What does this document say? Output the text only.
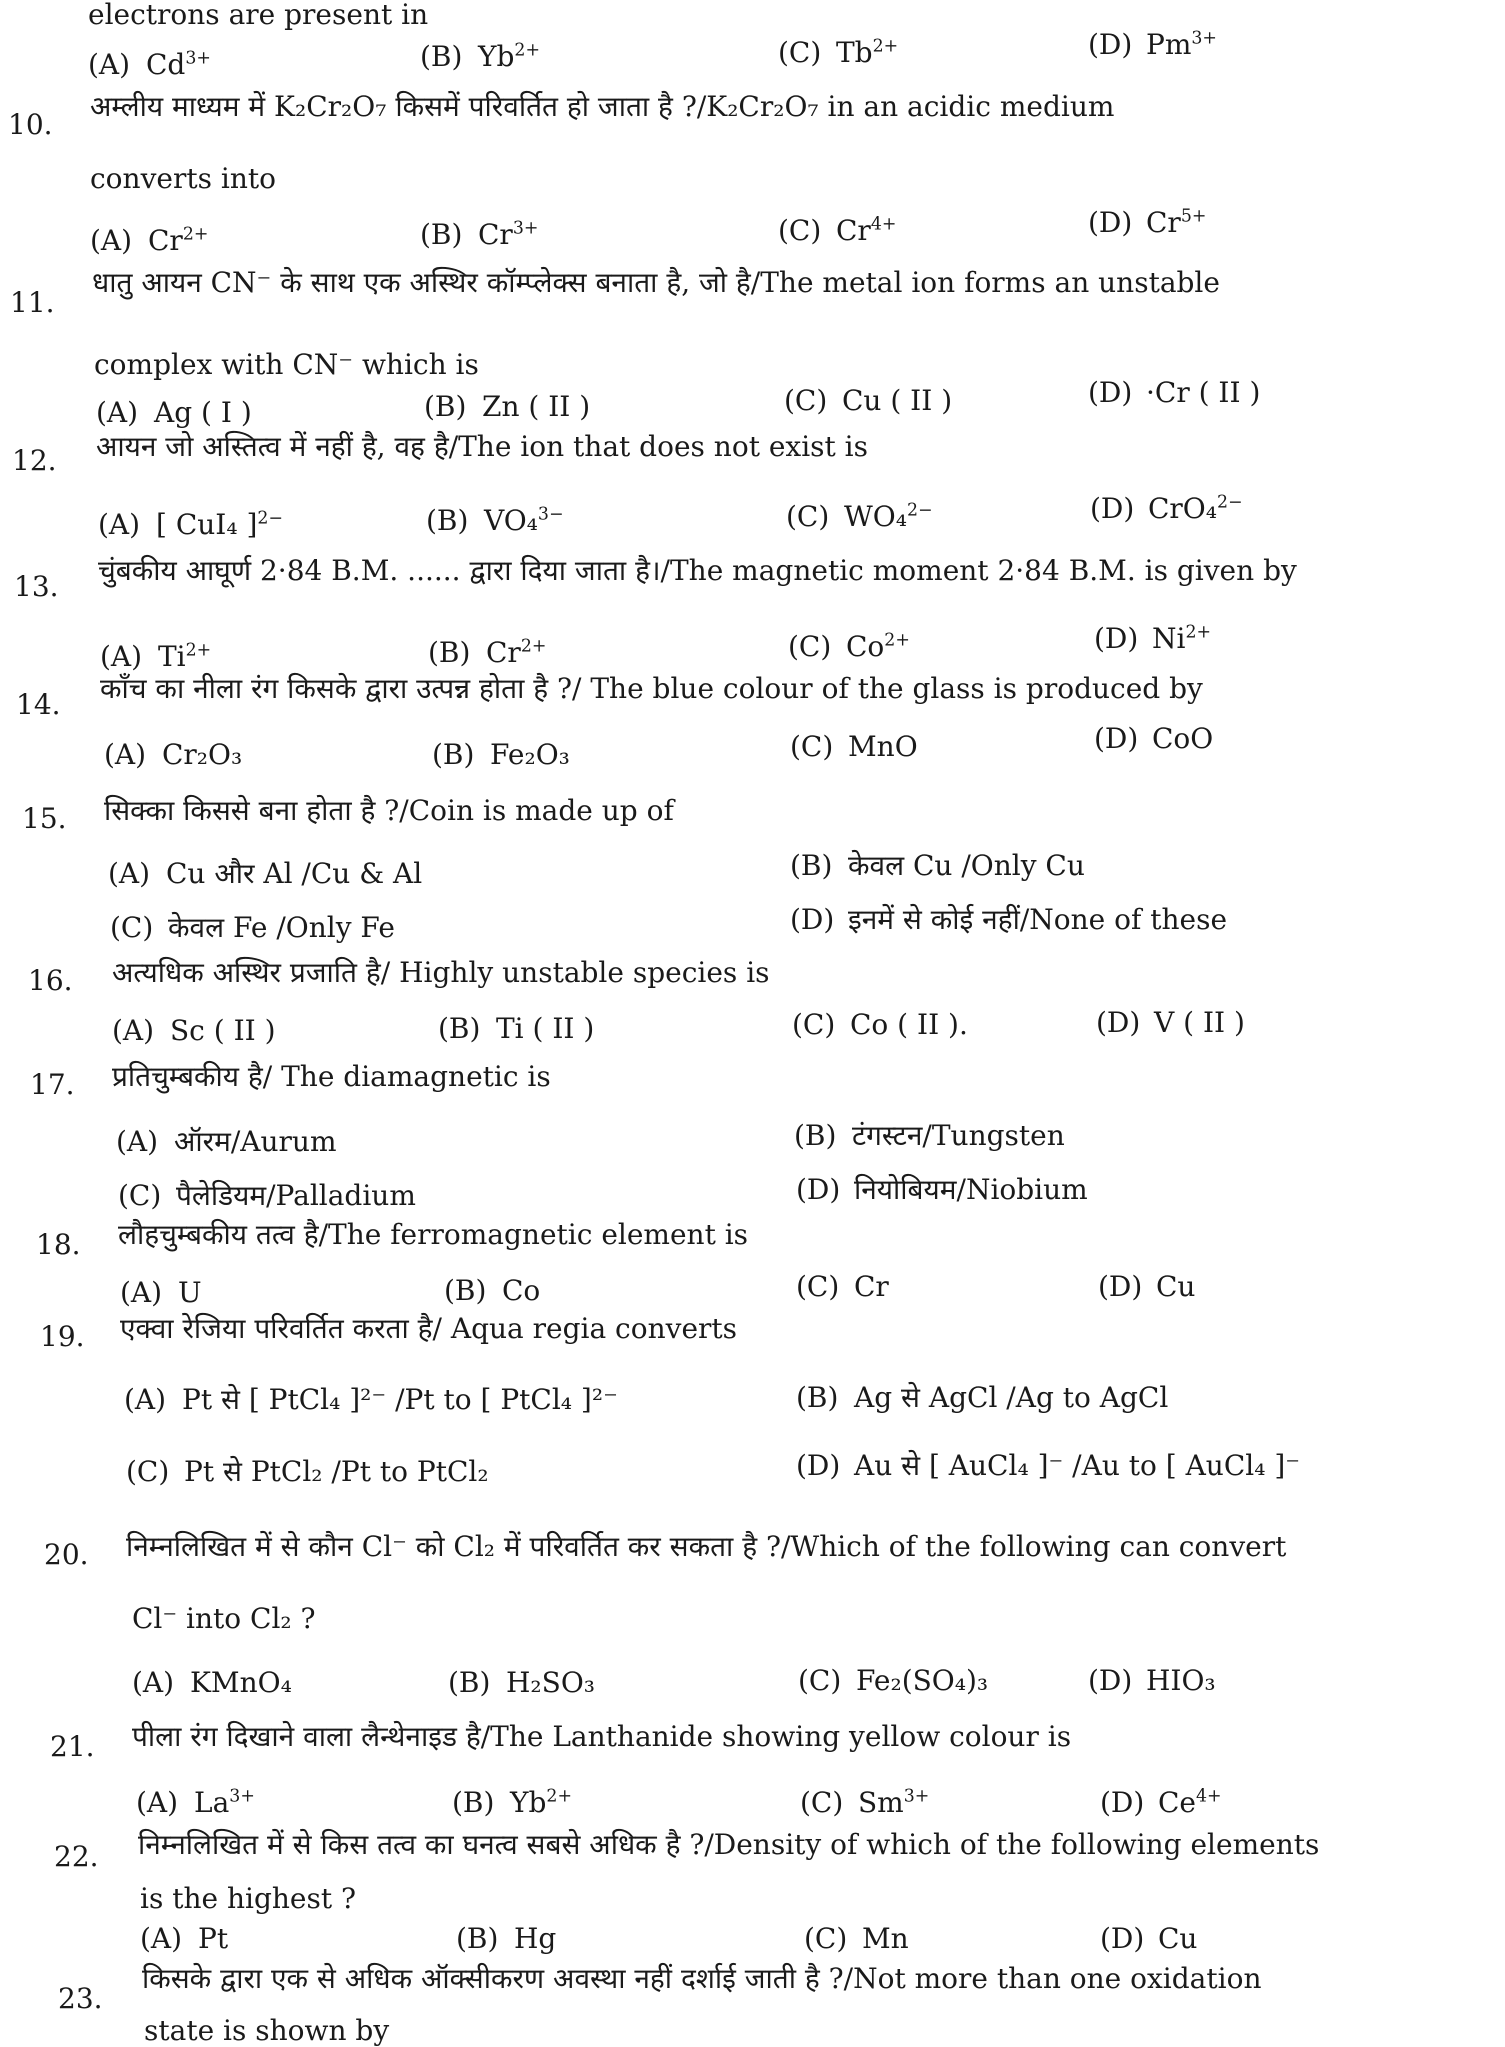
electrons are present in
(A) $Cd^{3+}$	(B) $Yb^{2+}$	(C) $Tb^{2+}$	(D) $Pm^{3+}$
10.
अम्लीय माध्यम में K₂Cr₂O₇ किसमें परिवर्तित हो जाता है ?/K₂Cr₂O₇ in an acidic medium
converts into
(A) $Cr^{2+}$	(B) $Cr^{3+}$	(C) $Cr^{4+}$	(D) $Cr^{5+}$
11.
धातु आयन CN⁻ के साथ एक अस्थिर कॉम्प्लेक्स बनाता है, जो है/The metal ion forms an unstable
complex with CN⁻ which is
(A) Ag ( I )	(B) Zn ( II )	(C) Cu ( II )	(D) ·Cr ( II )
12. आयन जो अस्तित्व में नहीं है, वह है/The ion that does not exist is
(A) [ CuI₄ ]$^{2-}$	(B) VO₄$^{3-}$	(C) WO₄$^{2-}$	(D) CrO₄$^{2-}$
13. चुंबकीय आघूर्ण 2·84 B.M. ...... द्वारा दिया जाता है।/The magnetic moment 2·84 B.M. is given by
(A) $Ti^{2+}$	(B) $Cr^{2+}$	(C) $Co^{2+}$	(D) $Ni^{2+}$
14. काँच का नीला रंग किसके द्वारा उत्पन्न होता है ?/ The blue colour of the glass is produced by
(A) Cr₂O₃	(B) Fe₂O₃	(C) MnO	(D) CoO
15. सिक्का किससे बना होता है ?/Coin is made up of
(A) Cu और Al /Cu & Al	(B) केवल Cu /Only Cu
(C) केवल Fe /Only Fe	(D) इनमें से कोई नहीं/None of these
16. अत्यधिक अस्थिर प्रजाति है/ Highly unstable species is
(A) Sc ( II )	(B) Ti ( II )	(C) Co ( II ).	(D) V ( II )
17. प्रतिचुम्बकीय है/ The diamagnetic is
(A) ऑरम/Aurum	(B) टंगस्टन/Tungsten
(C) पैलेडियम/Palladium	(D) नियोबियम/Niobium
18. लौहचुम्बकीय तत्व है/The ferromagnetic element is
(A) U	(B) Co	(C) Cr	(D) Cu
19. एक्वा रेजिया परिवर्तित करता है/ Aqua regia converts
(A) Pt से [ PtCl₄ ]²⁻ /Pt to [ PtCl₄ ]²⁻	(B) Ag से AgCl /Ag to AgCl
(C) Pt से PtCl₂ /Pt to PtCl₂	(D) Au से [ AuCl₄ ]⁻ /Au to [ AuCl₄ ]⁻
20. निम्नलिखित में से कौन Cl⁻ को Cl₂ में परिवर्तित कर सकता है ?/Which of the following can convert
Cl⁻ into Cl₂ ?
(A) KMnO₄	(B) H₂SO₃	(C) Fe₂(SO₄)₃	(D) HIO₃
21. पीला रंग दिखाने वाला लैन्थेनाइड है/The Lanthanide showing yellow colour is
(A) $La^{3+}$	(B) $Yb^{2+}$	(C) $Sm^{3+}$	(D) $Ce^{4+}$
22. निम्नलिखित में से किस तत्व का घनत्व सबसे अधिक है ?/Density of which of the following elements
is the highest ?
(A) Pt	(B) Hg	(C) Mn	(D) Cu
23.
किसके द्वारा एक से अधिक ऑक्सीकरण अवस्था नहीं दर्शाई जाती है ?/Not more than one oxidation
state is shown by
